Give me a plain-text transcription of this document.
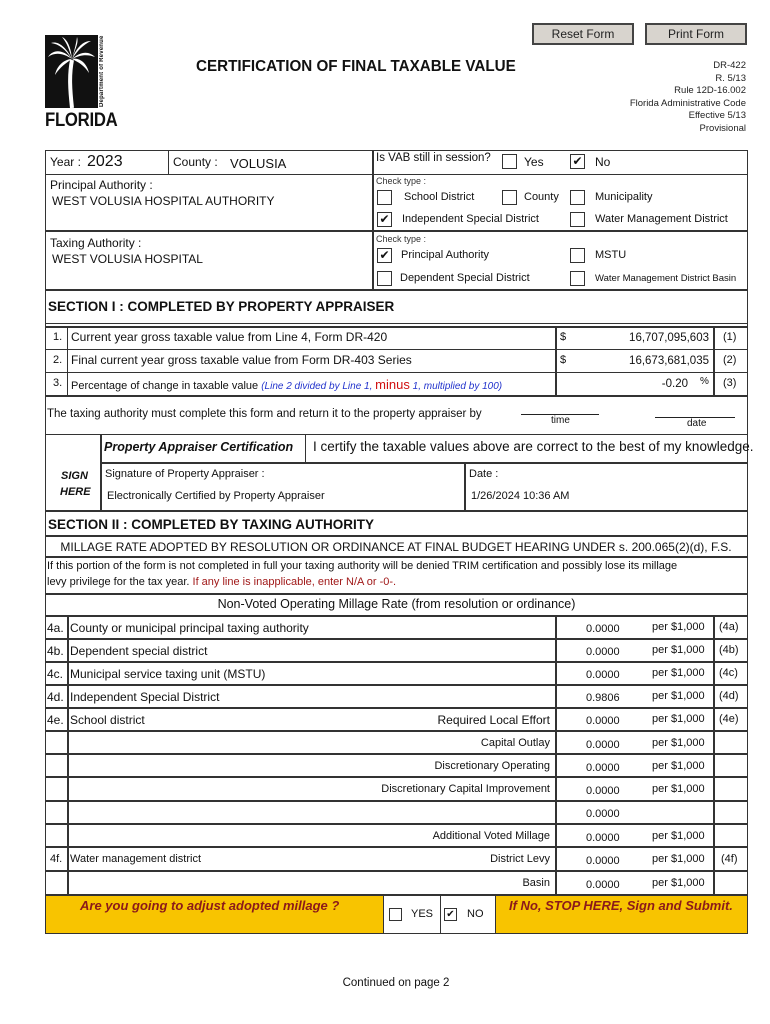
Reset Form	Print Form
Department of Revenue
FLORIDA
CERTIFICATION OF FINAL TAXABLE VALUE	DR-422
R. 5/13
Rule 12D-16.002
Florida Administrative Code
Effective 5/13
Provisional
Year : 2023	County : VOLUSIA	Is VAB still in session?	Yes ✔ No
Principal Authority :
WEST VOLUSIA HOSPITAL AUTHORITY
Check type :
School District	County	Municipality
✔ Independent Special District	Water Management District
Taxing Authority :
WEST VOLUSIA HOSPITAL
Check type :
✔ Principal Authority	MSTU
Dependent Special District	Water Management District Basin
SECTION I : COMPLETED BY PROPERTY APPRAISER
1. Current year gross taxable value from Line 4, Form DR-420	$	16,707,095,603 (1)
2. Final current year gross taxable value from Form DR-403 Series	$	16,673,681,035 (2)
3. Percentage of change in taxable value (Line 2 divided by Line 1, minus 1, multiplied by 100)	-0.20 % (3)
The taxing authority must complete this form and return it to the property appraiser by
time	date
Property Appraiser Certification I certify the taxable values above are correct to the best of my knowledge.
SIGN
HERE
Signature of Property Appraiser :
Electronically Certified by Property Appraiser
Date :
1/26/2024 10:36 AM
SECTION II : COMPLETED BY TAXING AUTHORITY
MILLAGE RATE ADOPTED BY RESOLUTION OR ORDINANCE AT FINAL BUDGET HEARING UNDER s. 200.065(2)(d), F.S.
If this portion of the form is not completed in full your taxing authority will be denied TRIM certification and possibly lose its millage
levy privilege for the tax year. If any line is inapplicable, enter N/A or -0-.
Non-Voted Operating Millage Rate (from resolution or ordinance)
4a. County or municipal principal taxing authority	0.0000	per $1,000 (4a)
4b. Dependent special district	0.0000	per $1,000 (4b)
4c. Municipal service taxing unit (MSTU)	0.0000	per $1,000 (4c)
4d. Independent Special District	0.9806	per $1,000 (4d)
4e. School district	Required Local Effort	0.0000	per $1,000 (4e)
Capital Outlay	0.0000	per $1,000
Discretionary Operating	0.0000	per $1,000
Discretionary Capital Improvement	0.0000	per $1,000
0.0000
Additional Voted Millage	0.0000	per $1,000
4f. Water management district	District Levy	0.0000	per $1,000 (4f)
Basin	0.0000	per $1,000
Are you going to adjust adopted millage ?
YES ✔ NO
If No, STOP HERE, Sign and Submit.
Continued on page 2
